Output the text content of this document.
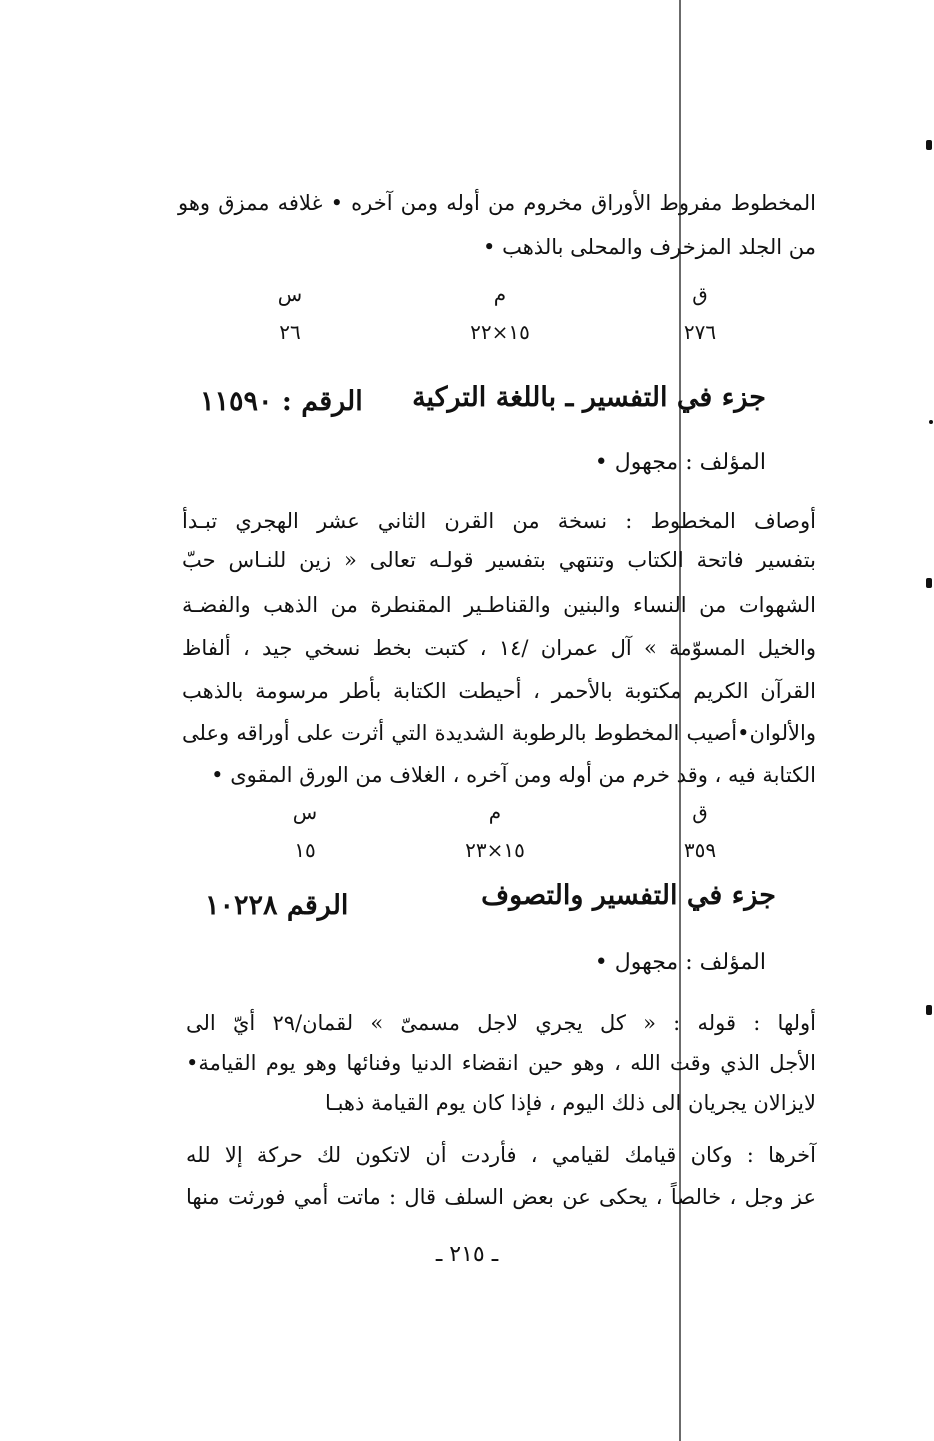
المخطوط مفروط الأوراق مخروم من أوله ومن آخره • غلافه ممزق وهو
من الجلد المزخرف والمحلى بالذهب •
ق
م
س
٢٧٦
١٥×٢٢
٢٦
جزء في التفسير ـ باللغة التركية
الرقم : ١١٥٩٠
المؤلف : مجهول •
أوصاف المخطوط : نسخة من القرن الثاني عشر الهجري تبـدأ
بتفسير فاتحة الكتاب وتنتهي بتفسير قولـه تعالى « زين للنـاس حبّ
الشهوات من النساء والبنين والقناطـير المقنطرة من الذهب والفضـة
والخيل المسوّمة » آل عمران /١٤ ، كتبت بخط نسخي جيد ، ألفاظ
القرآن الكريم مكتوبة بالأحمر ، أحيطت الكتابة بأطر مرسومة بالذهب
والألوان•أصيب المخطوط بالرطوبة الشديدة التي أثرت على أوراقه وعلى
الكتابة فيه ، وقد خرم من أوله ومن آخره ، الغلاف من الورق المقوى •
ق
م
س
٣٥٩
١٥×٢٣
١٥
جزء في التفسير والتصوف
الرقم ١٠٢٢٨
المؤلف : مجهول •
أولها : قوله : « كل يجري لاجل مسمىّ » لقمان/٢٩ أيّ الى
الأجل الذي وقت الله ، وهو حين انقضاء الدنيا وفنائها وهو يوم القيامة•
لايزالان يجريان الى ذلك اليوم ، فإذا كان يوم القيامة ذهبـا
آخرها : وكان قيامك لقيامي ، فأردت أن لاتكون لك حركة إلا لله
عز وجل ، خالصاً ، يحكى عن بعض السلف قال : ماتت أمي فورثت منها
ـ ٢١٥ ـ
